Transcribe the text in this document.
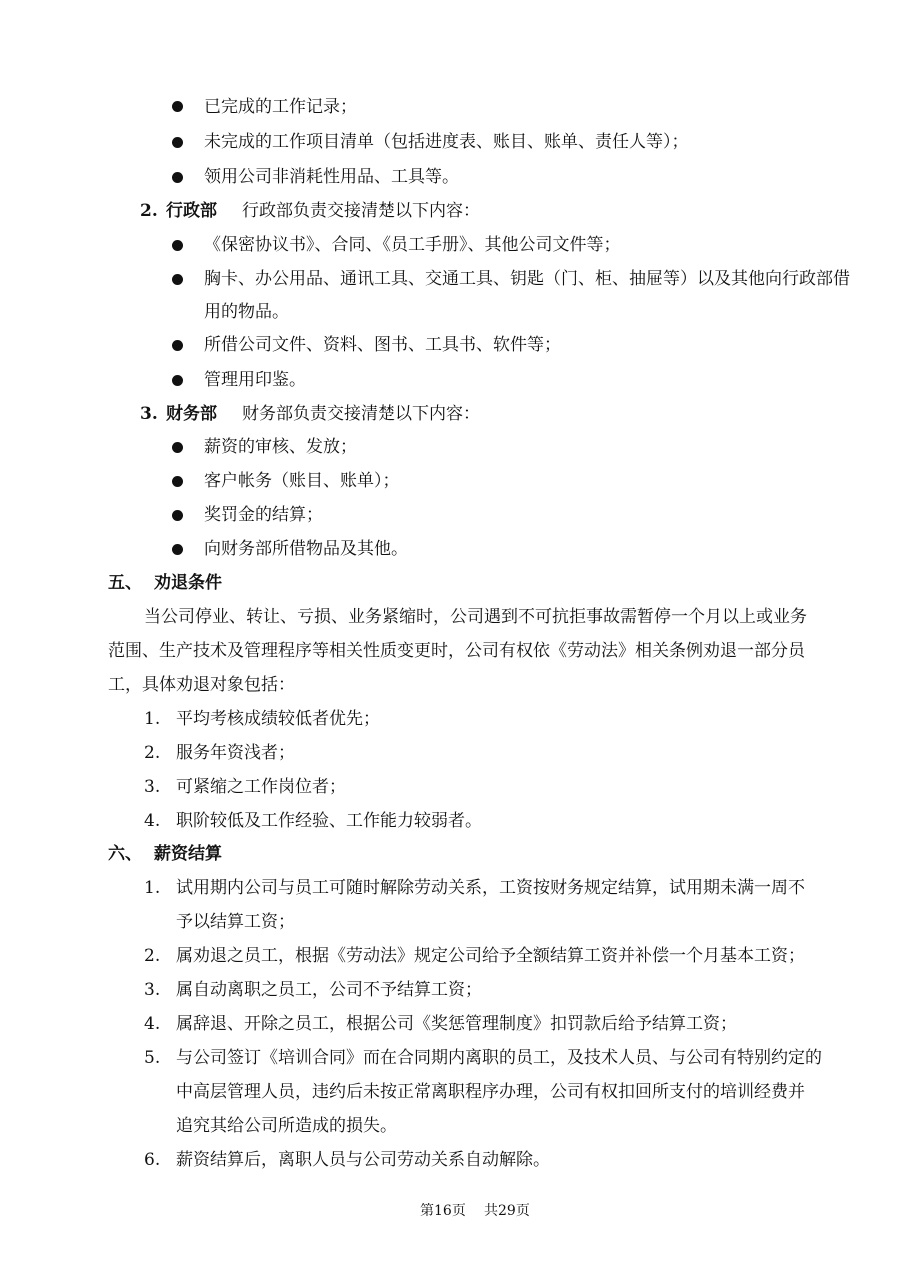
已完成的工作记录；
未完成的工作项目清单（包括进度表、账目、账单、责任人等）；
领用公司非消耗性用品、工具等。
2. 行政部 行政部负责交接清楚以下内容：
《保密协议书》、合同、《员工手册》、其他公司文件等；
胸卡、办公用品、通讯工具、交通工具、钥匙（门、柜、抽屉等）以及其他向行政部借
用的物品。
所借公司文件、资料、图书、工具书、软件等；
管理用印鉴。
3. 财务部 财务部负责交接清楚以下内容：
薪资的审核、发放；
客户帐务（账目、账单）；
奖罚金的结算；
向财务部所借物品及其他。
五、 劝退条件
当公司停业、转让、亏损、业务紧缩时，公司遇到不可抗拒事故需暂停一个月以上或业务
范围、生产技术及管理程序等相关性质变更时，公司有权依《劳动法》相关条例劝退一部分员
工，具体劝退对象包括：
1. 平均考核成绩较低者优先；
2. 服务年资浅者；
3. 可紧缩之工作岗位者；
4. 职阶较低及工作经验、工作能力较弱者。
六、 薪资结算
1. 试用期内公司与员工可随时解除劳动关系，工资按财务规定结算，试用期未满一周不
予以结算工资；
2. 属劝退之员工，根据《劳动法》规定公司给予全额结算工资并补偿一个月基本工资；
3. 属自动离职之员工，公司不予结算工资；
4. 属辞退、开除之员工，根据公司《奖惩管理制度》扣罚款后给予结算工资；
5. 与公司签订《培训合同》而在合同期内离职的员工，及技术人员、与公司有特别约定的
中高层管理人员，违约后未按正常离职程序办理，公司有权扣回所支付的培训经费并
追究其给公司所造成的损失。
6. 薪资结算后，离职人员与公司劳动关系自动解除。
第16页 共29页
